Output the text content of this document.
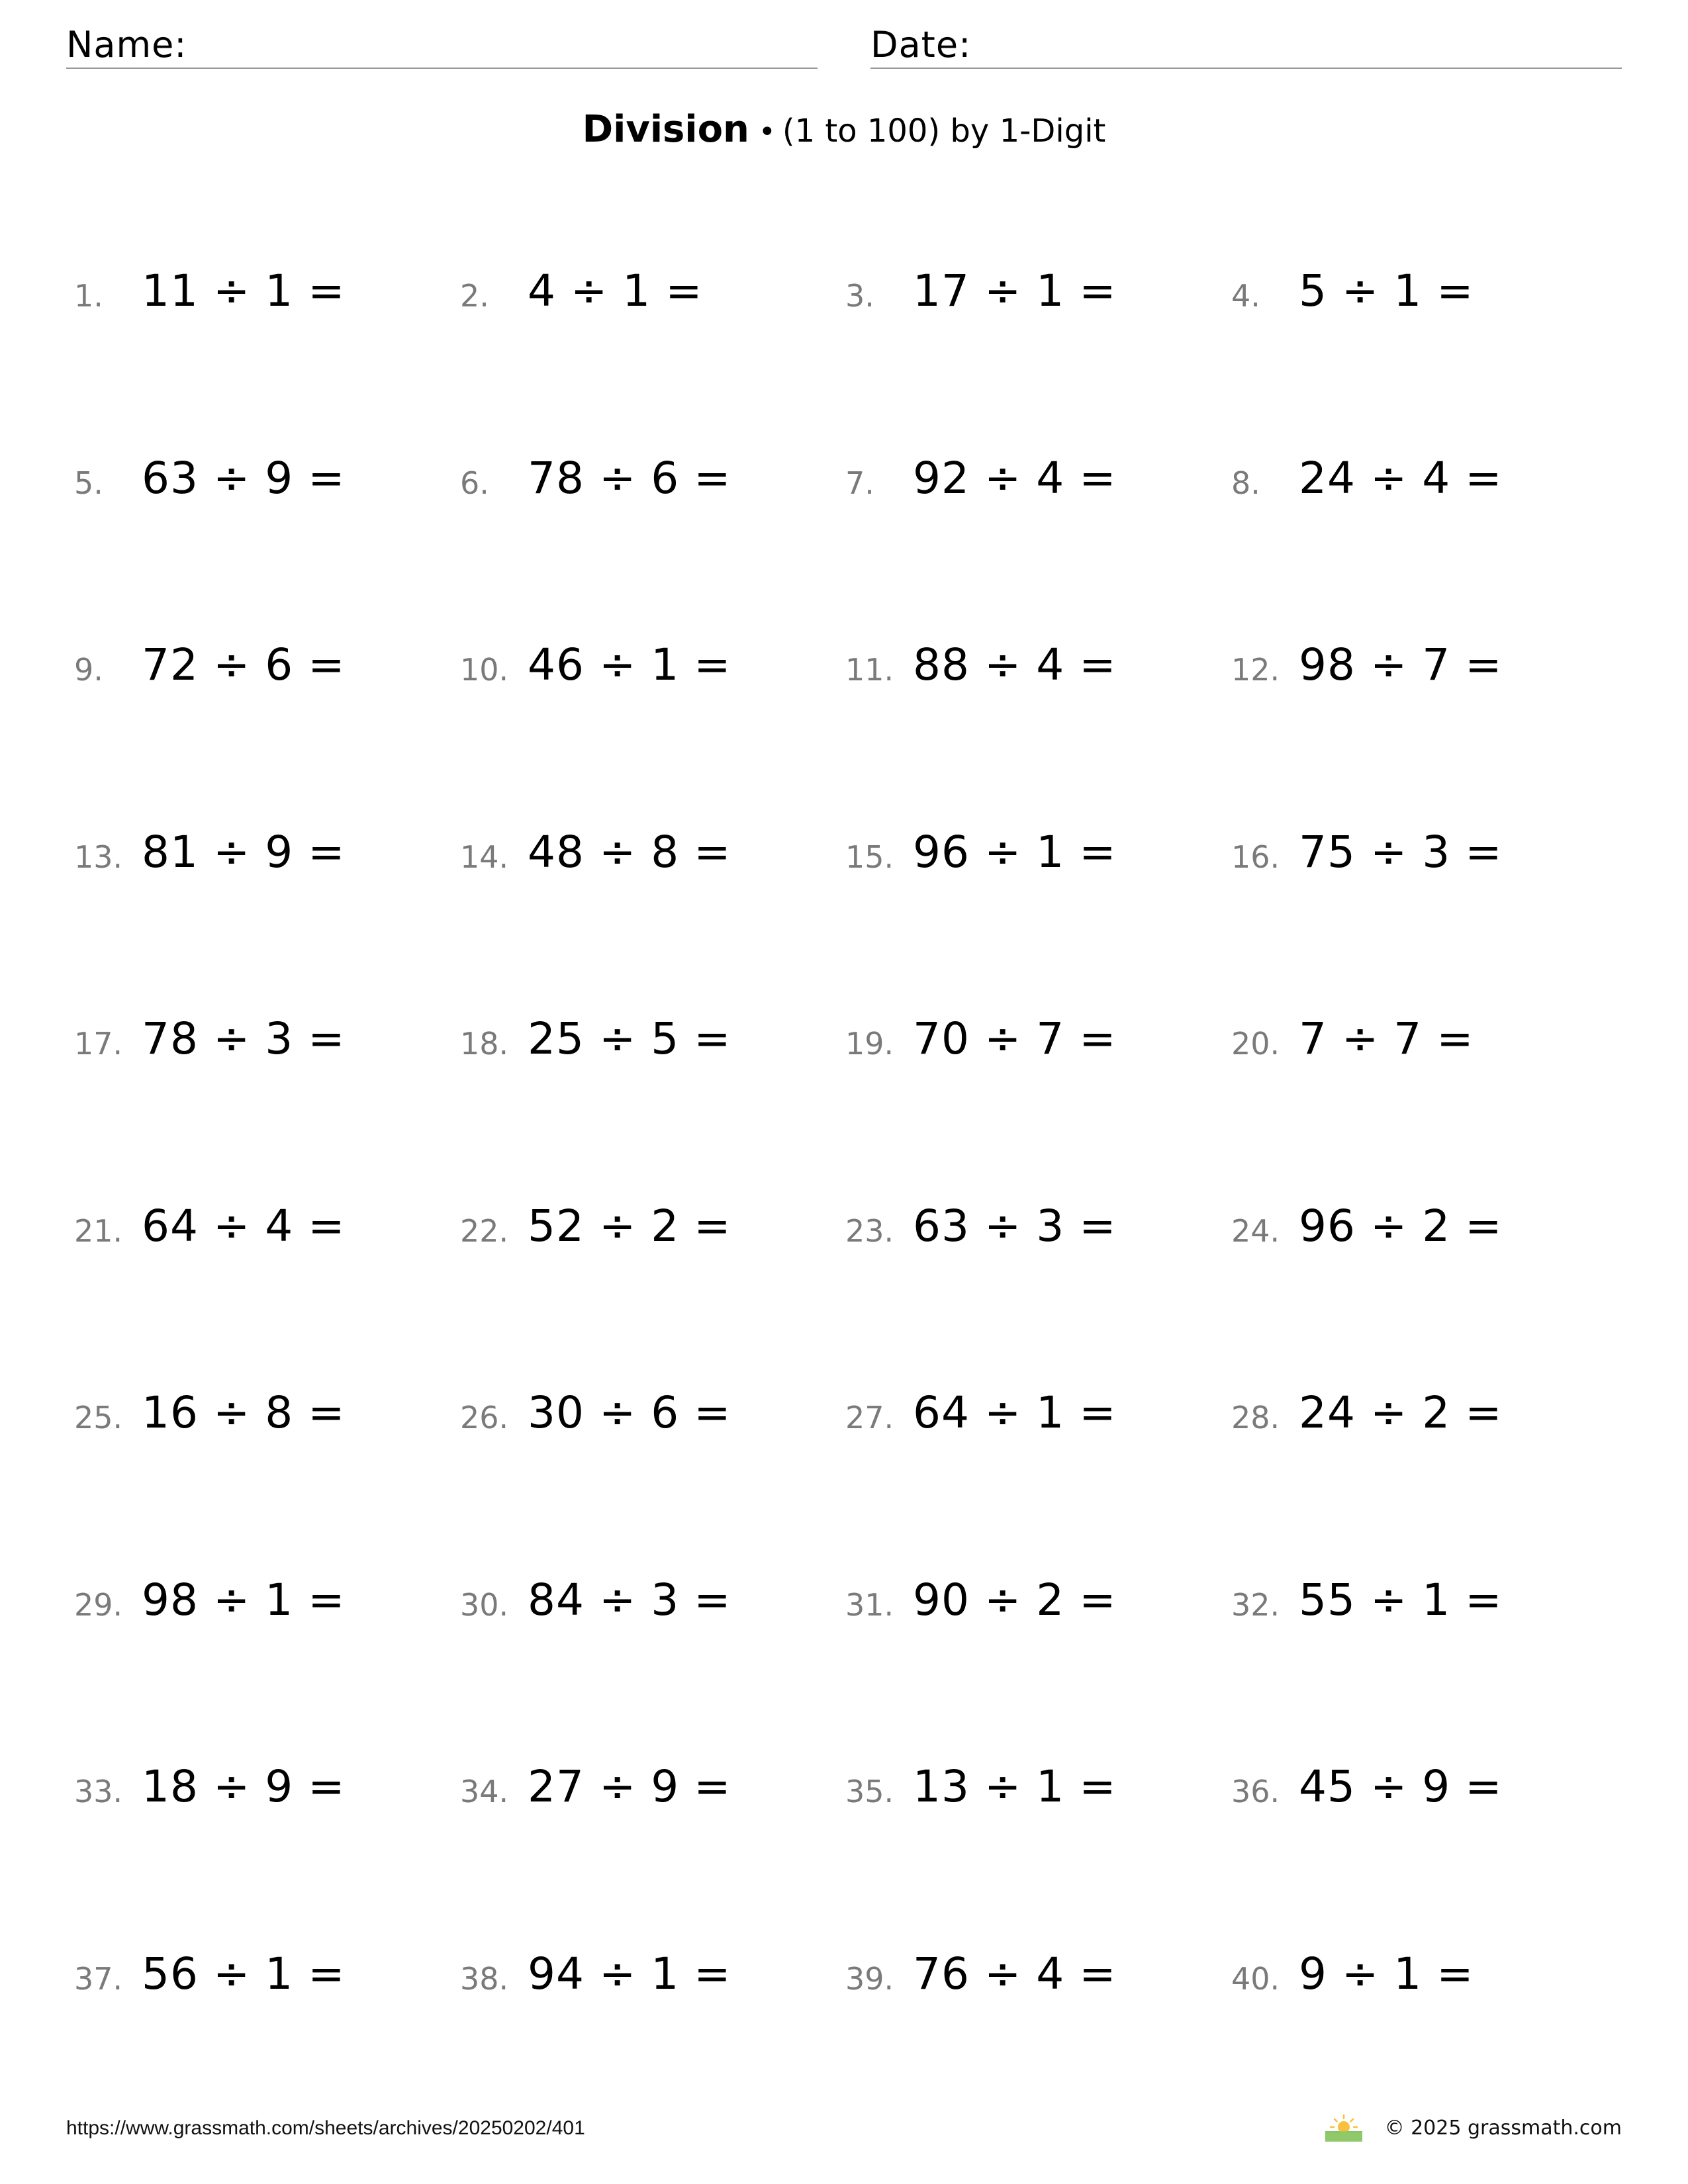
Name:	Date:
Division • (1 to 100) by 1-Digit
1. 11 ÷ 1 =	2. 4 ÷ 1 =	3. 17 ÷ 1 =	4. 5 ÷ 1 =
5. 63 ÷ 9 =	6. 78 ÷ 6 =	7. 92 ÷ 4 =	8. 24 ÷ 4 =
9. 72 ÷ 6 =	10. 46 ÷ 1 =	11. 88 ÷ 4 =	12. 98 ÷ 7 =
13. 81 ÷ 9 =	14. 48 ÷ 8 =	15. 96 ÷ 1 =	16. 75 ÷ 3 =
17. 78 ÷ 3 =	18. 25 ÷ 5 =	19. 70 ÷ 7 =	20. 7 ÷ 7 =
21. 64 ÷ 4 =	22. 52 ÷ 2 =	23. 63 ÷ 3 =	24. 96 ÷ 2 =
25. 16 ÷ 8 =	26. 30 ÷ 6 =	27. 64 ÷ 1 =	28. 24 ÷ 2 =
29. 98 ÷ 1 =	30. 84 ÷ 3 =	31. 90 ÷ 2 =	32. 55 ÷ 1 =
33. 18 ÷ 9 =	34. 27 ÷ 9 =	35. 13 ÷ 1 =	36. 45 ÷ 9 =
37. 56 ÷ 1 =	38. 94 ÷ 1 =	39. 76 ÷ 4 =	40. 9 ÷ 1 =
https://www.grassmath.com/sheets/archives/20250202/401	© 2025 grassmath.com
